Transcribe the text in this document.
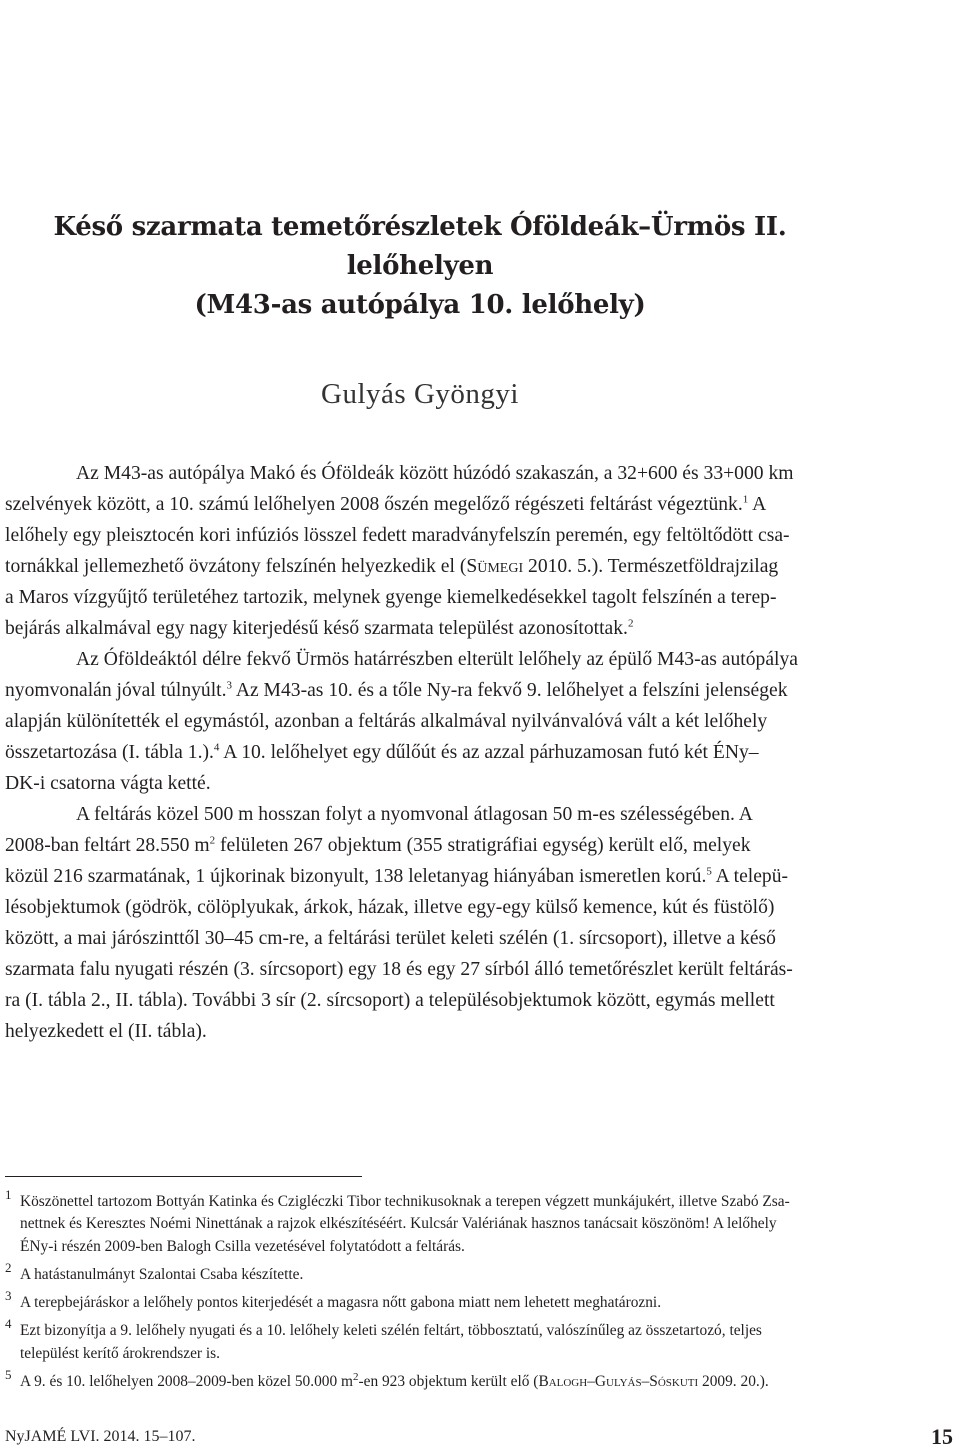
Késő szarmata temetőrészletek Óföldeák–Ürmös II.
lelőhelyen
(M43-as autópálya 10. lelőhely)
Gulyás Gyöngyi
Az M43-as autópálya Makó és Óföldeák között húzódó szakaszán, a 32+600 és 33+000 km
szelvények között, a 10. számú lelőhelyen 2008 őszén megelőző régészeti feltárást végeztünk.$^1$ A
lelőhely egy pleisztocén kori infúziós lösszel fedett maradványfelszín peremén, egy feltöltődött csa-
tornákkal jellemezhető övzátony felszínén helyezkedik el (Sümegi 2010. 5.). Természetföldrajzilag
a Maros vízgyűjtő területéhez tartozik, melynek gyenge kiemelkedésekkel tagolt felszínén a terep-
bejárás alkalmával egy nagy kiterjedésű késő szarmata települést azonosítottak.$^2$
Az Óföldeáktól délre fekvő Ürmös határrészben elterült lelőhely az épülő M43-as autópálya
nyomvonalán jóval túlnyúlt.$^3$ Az M43-as 10. és a tőle Ny-ra fekvő 9. lelőhelyet a felszíni jelenségek
alapján különítették el egymástól, azonban a feltárás alkalmával nyilvánvalóvá vált a két lelőhely
összetartozása (I. tábla 1.).$^4$ A 10. lelőhelyet egy dűlőút és az azzal párhuzamosan futó két ÉNy–
DK-i csatorna vágta ketté.
A feltárás közel 500 m hosszan folyt a nyomvonal átlagosan 50 m-es szélességében. A
2008-ban feltárt 28.550 $m^2$ felületen 267 objektum (355 stratigráfiai egység) került elő, melyek
közül 216 szarmatának, 1 újkorinak bizonyult, 138 leletanyag hiányában ismeretlen korú.$^5$ A telepü-
lésobjektumok (gödrök, cölöplyukak, árkok, házak, illetve egy-egy külső kemence, kút és füstölő)
között, a mai járószinttől 30–45 cm-re, a feltárási terület keleti szélén (1. sírcsoport), illetve a késő
szarmata falu nyugati részén (3. sírcsoport) egy 18 és egy 27 sírból álló temetőrészlet került feltárás-
ra (I. tábla 2., II. tábla). További 3 sír (2. sírcsoport) a településobjektumok között, egymás mellett
helyezkedett el (II. tábla).
1 Köszönettel tartozom Bottyán Katinka és Czigléczki Tibor technikusoknak a terepen végzett munkájukért, illetve Szabó Zsa-
nettnek és Keresztes Noémi Ninettának a rajzok elkészítéséért. Kulcsár Valériának hasznos tanácsait köszönöm! A lelőhely
ÉNy-i részén 2009-ben Balogh Csilla vezetésével folytatódott a feltárás.
2 A hatástanulmányt Szalontai Csaba készítette.
3 A terepbejáráskor a lelőhely pontos kiterjedését a magasra nőtt gabona miatt nem lehetett meghatározni.
4 Ezt bizonyítja a 9. lelőhely nyugati és a 10. lelőhely keleti szélén feltárt, többosztatú, valószínűleg az összetartozó, teljes
települést kerítő árokrendszer is.
5 A 9. és 10. lelőhelyen 2008–2009-ben közel 50.000 $m^2-en$ 923 objektum került elő (Balogh–Gulyás–Sóskuti 2009. 20.).
NyJAMÉ LVI. 2014. 15–107.	15
